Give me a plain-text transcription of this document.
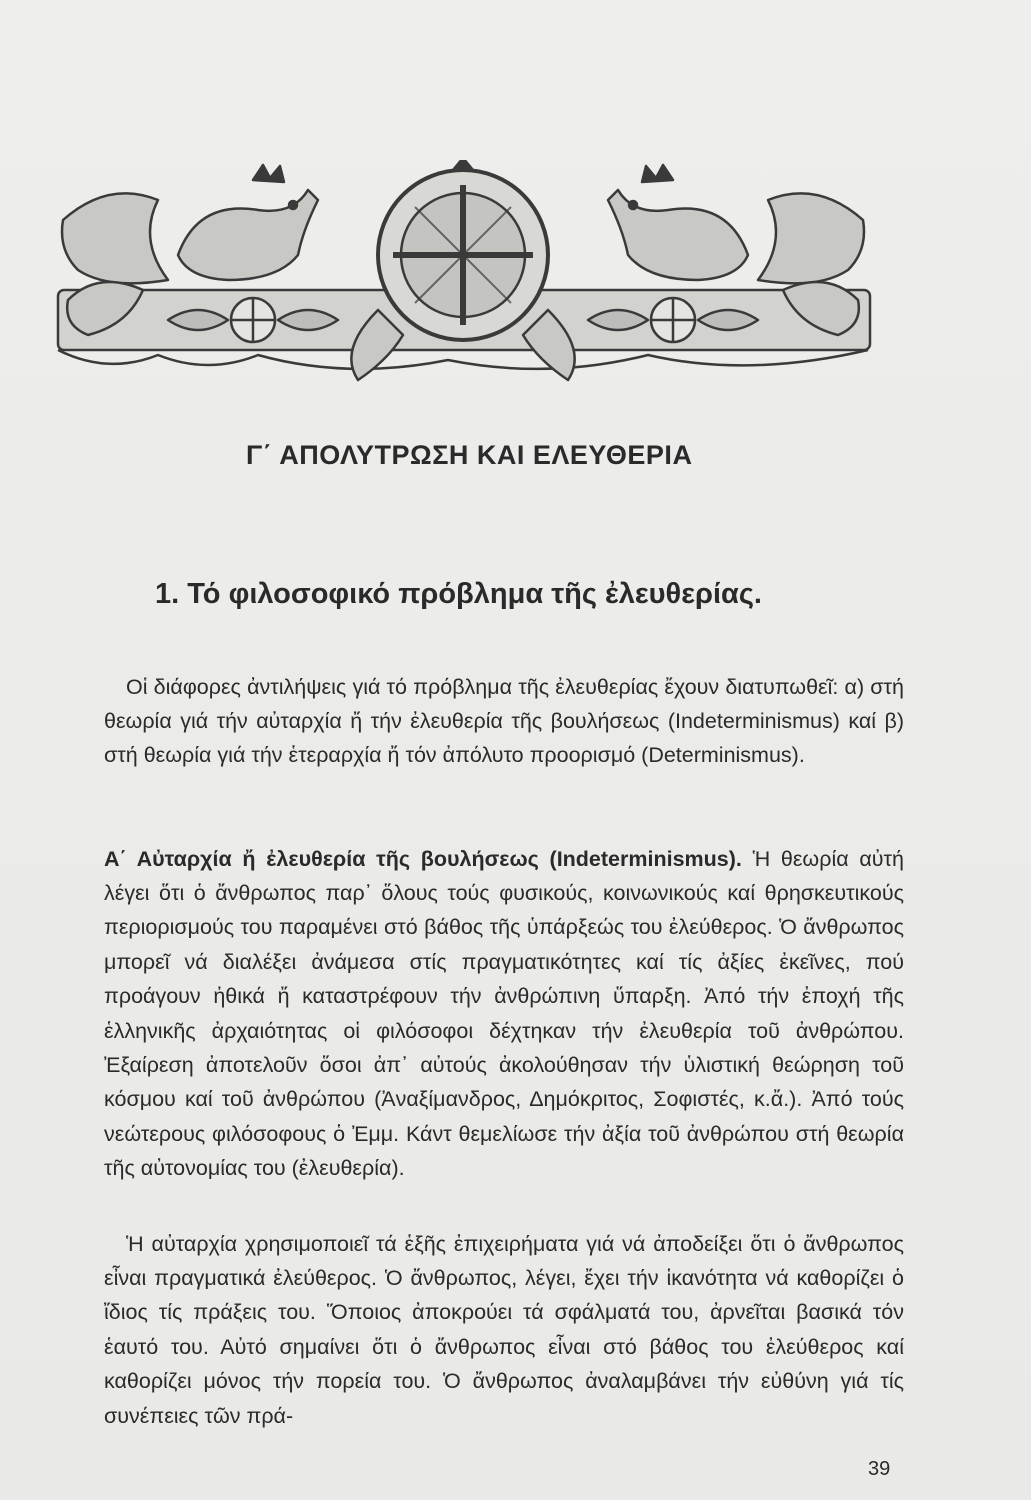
Γ΄ ΑΠΟΛΥΤΡΩΣΗ ΚΑΙ ΕΛΕΥΘΕΡΙΑ
1. Τό φιλοσοφικό πρόβλημα τῆς ἐλευθερίας.

Οἱ διάφορες ἀντιλήψεις γιά τό πρόβλημα τῆς ἐλευθερίας ἔχουν διατυπωθεῖ: α) στή θεωρία γιά τήν αὐταρχία ἤ τήν ἐλευθερία τῆς βουλήσεως (Indeterminismus) καί β) στή θεωρία γιά τήν ἑτεραρχία ἤ τόν ἀπόλυτο προορισμό (Determinismus).

Α΄ Αὐταρχία ἤ ἐλευθερία τῆς βουλήσεως (Indeterminismus). Ἡ θεωρία αὐτή λέγει ὅτι ὁ ἄνθρωπος παρ᾿ ὅλους τούς φυσικούς, κοινωνικούς καί θρησκευτικούς περιορισμούς του παραμένει στό βάθος τῆς ὑπάρξεώς του ἐλεύθερος. Ὁ ἄνθρωπος μπορεῖ νά διαλέξει ἀνάμεσα στίς πραγματικότητες καί τίς ἀξίες ἐκεῖνες, πού προάγουν ἠθικά ἤ καταστρέφουν τήν ἀνθρώπινη ὕπαρξη. Ἀπό τήν ἐποχή τῆς ἑλληνικῆς ἀρχαιότητας οἱ φιλόσοφοι δέχτηκαν τήν ἐλευθερία τοῦ ἀνθρώπου. Ἐξαίρεση ἀποτελοῦν ὅσοι ἀπ᾿ αὐτούς ἀκολούθησαν τήν ὑλιστική θεώρηση τοῦ κόσμου καί τοῦ ἀνθρώπου (Ἀναξίμανδρος, Δημόκριτος, Σοφιστές, κ.ἄ.). Ἀπό τούς νεώτερους φιλόσοφους ὁ Ἐμμ. Κάντ θεμελίωσε τήν ἀξία τοῦ ἀνθρώπου στή θεωρία τῆς αὐτονομίας του (ἐλευθερία).

Ἡ αὐταρχία χρησιμοποιεῖ τά ἑξῆς ἐπιχειρήματα γιά νά ἀποδείξει ὅτι ὁ ἄνθρωπος εἶναι πραγματικά ἐλεύθερος. Ὁ ἄνθρωπος, λέγει, ἔχει τήν ἱκανότητα νά καθορίζει ὁ ἴδιος τίς πράξεις του. Ὅποιος ἀποκρούει τά σφάλματά του, ἀρνεῖται βασικά τόν ἑαυτό του. Αὐτό σημαίνει ὅτι ὁ ἄνθρωπος εἶναι στό βάθος του ἐλεύθερος καί καθορίζει μόνος τήν πορεία του. Ὁ ἄνθρωπος ἀναλαμβάνει τήν εὐθύνη γιά τίς συνέπειες τῶν πρά-

39
